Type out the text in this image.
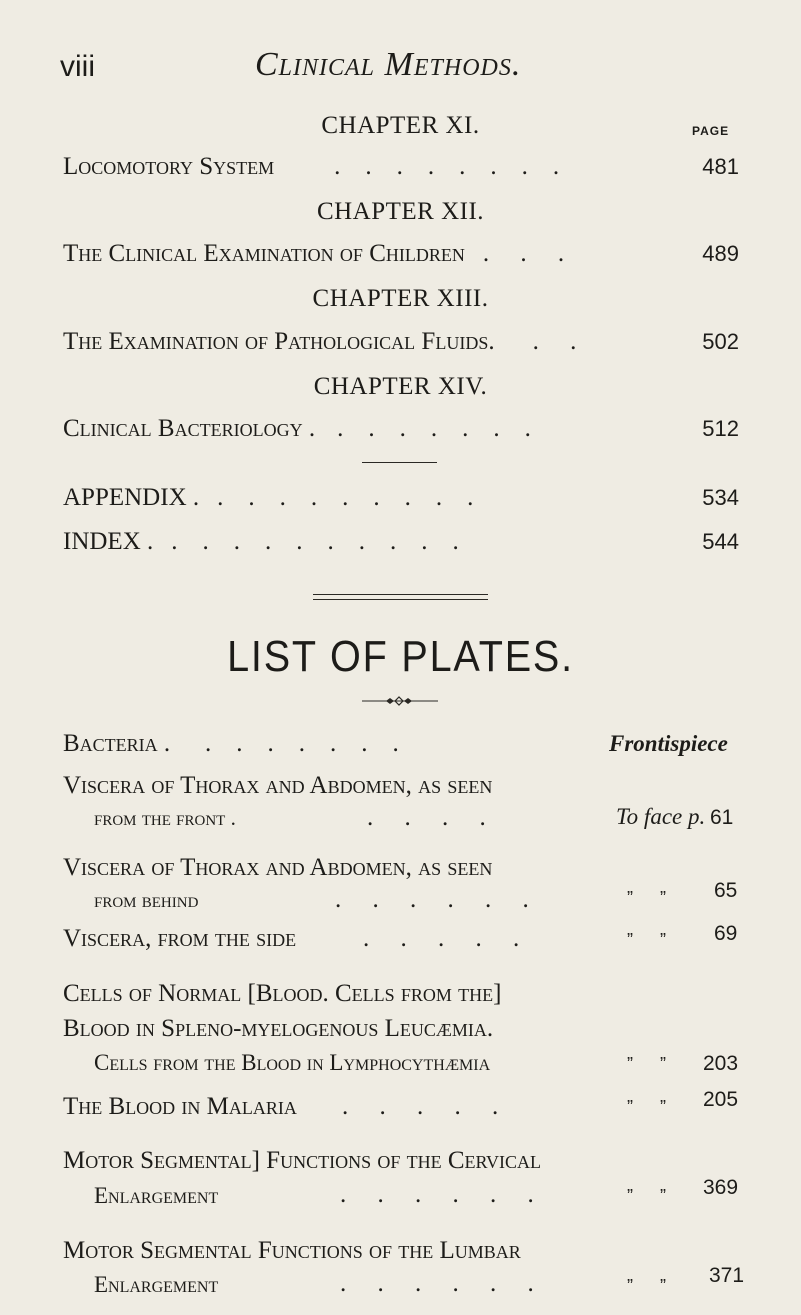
viii	Clinical Methods.
PAGE
CHAPTER XI.
Locomotory System	.    .    .    .    .    .    .    .	481
CHAPTER XII.
The Clinical Examination of Children .     .     .	489
CHAPTER XIII.
The Examination of Pathological Fluids.	.     .	502
CHAPTER XIV.
Clinical Bacteriology . .    .    .    .    .    .    .	512
APPENDIX . .    .    .    .    .    .    .    .    .	534
INDEX . .    .    .    .    .    .    .    .    .    .	544
LIST OF PLATES.
Bacteria . .    .    .    .    .    .    .	Frontispiece
Viscera of Thorax and Abdomen, as seen
from the front .	.     .     .     .	To face p. 61
Viscera of Thorax and Abdomen, as seen
from behind	.     .     .     .     .     .	” ” 65
Viscera, from the side	.     .     .     .     .	” ” 69
Cells of Normal [Blood. Cells from the]
Blood in Spleno-myelogenous Leucæmia.
Cells from the Blood in Lymphocythæmia	” ” 203
The Blood in Malaria .     .     .     .     .	” ” 205
Motor Segmental] Functions of the Cervical
Enlargement	.     .     .     .     .     .	” ” 369
Motor Segmental Functions of the Lumbar
Enlargement	.     .     .     .     .     .	” ” 371
